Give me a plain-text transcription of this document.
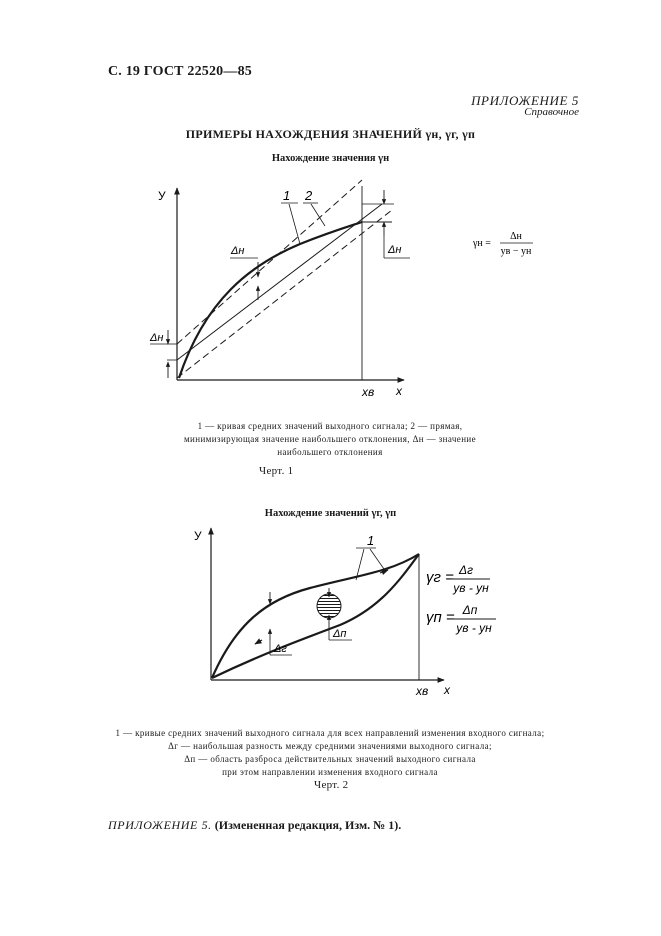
С. 19 ГОСТ 22520—85
ПРИЛОЖЕНИЕ 5
Справочное
ПРИМЕРЫ НАХОЖДЕНИЯ ЗНАЧЕНИЙ γн, γг, γп
Нахождение значения γн
У
х
хв
Δн
Δн
Δн
1 2
У
х
хв
Δп
Δг
1
γг = Δг
ув - ун
γп = Δп
ув - ун
γн =
Δн
ув − ун
1 — кривая средних значений выходного сигнала; 2 — прямая,
минимизирующая значение наибольшего отклонения, Δн — значение
наибольшего отклонения
Черт. 1
Нахождение значений γг, γп
1 — кривые средних значений выходного сигнала для всех направлений изменения входного сигнала;
Δг — наибольшая разность между средними значениями выходного сигнала;
Δп — область разброса действительных значений выходного сигнала
при этом направлении изменения входного сигнала
Черт. 2
ПРИЛОЖЕНИЕ 5. (Измененная редакция, Изм. № 1).
